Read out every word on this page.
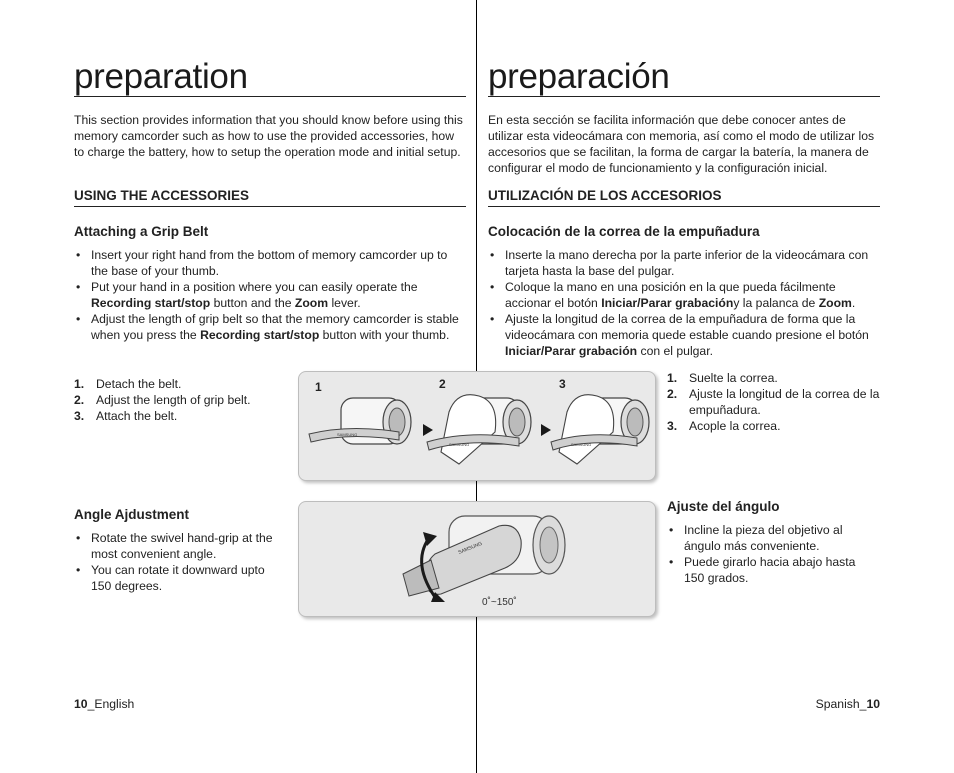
preparation

This section provides information that you should know before using this memory camcorder such as how to use the provided accessories, how to charge the battery, how to setup the operation mode and initial setup.

USING THE ACCESSORIES
Attaching a Grip Belt
• Insert your right hand from the bottom of memory camcorder up to the base of your thumb.
• Put your hand in a position where you can easily operate the Recording start/stop button and the Zoom lever.
• Adjust the length of grip belt so that the memory camcorder is stable when you press the Recording start/stop button with your thumb.
1. Detach the belt.
2. Adjust the length of grip belt.
3. Attach the belt.
Angle Ajdustment
• Rotate the swivel hand-grip at the most convenient angle.
• You can rotate it downward upto 150 degrees.
10_English
preparación

En esta sección se facilita información que debe conocer antes de utilizar esta videocámara con memoria, así como el modo de utilizar los accesorios que se facilitan, la forma de cargar la batería, la manera de configurar el modo de funcionamiento y la configuración inicial.

UTILIZACIÓN DE LOS ACCESORIOS
Colocación de la correa de la empuñadura
• Inserte la mano derecha por la parte inferior de la videocámara con tarjeta hasta la base del pulgar.
• Coloque la mano en una posición en la que pueda fácilmente accionar el botón Iniciar/Parar grabacióny la palanca de Zoom.
• Ajuste la longitud de la correa de la empuñadura de forma que la videocámara con memoria quede estable cuando presione el botón Iniciar/Parar grabación con el pulgar.
1. Suelte la correa.
2. Ajuste la longitud de la correa de la empuñadura.
3. Acople la correa.
Ajuste del ángulo
• Incline la pieza del objetivo al ángulo más conveniente.
• Puede girarlo hacia abajo hasta 150 grados.
Spanish_10
1	2	3
SAMSUNG
SAMSUNG	SAMSUNG
SAMSUNG
0˚~150˚
